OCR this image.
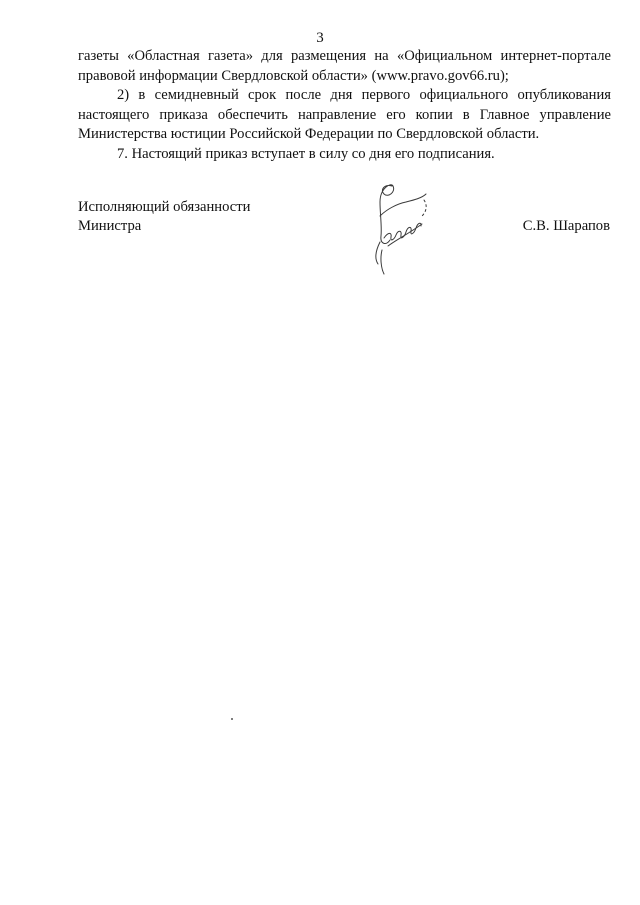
3

газеты «Областная газета» для размещения на «Официальном интернет-портале правовой информации Свердловской области» (www.pravo.gov66.ru);

2) в семидневный срок после дня первого официального опубликования настоящего приказа обеспечить направление его копии в Главное управление Министерства юстиции Российской Федерации по Свердловской области.

7. Настоящий приказ вступает в силу со дня его подписания.

Исполняющий обязанности
Министра	С.В. Шарапов
